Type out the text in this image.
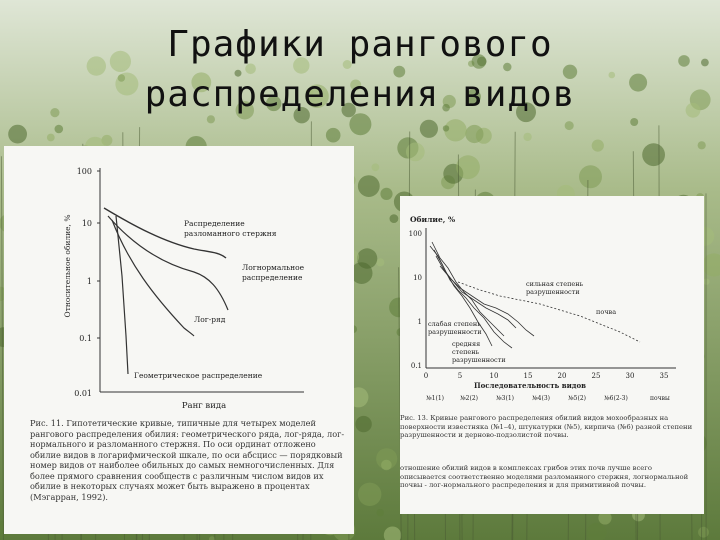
Графики рангового
распределения видов
100
10
1
0.1
0.01
Относительное обилие, %
Ранг вида
Распределение
разломанного стержня
Логнормальное
распределение
Лог-ряд
Геометрическое распределение
Рис. 11. Гипотетические кривые, типичные для четырех моделей рангового распределения обилия: геометрического ряда, лог-ряда, лог-нормального и разломанного стержня. По оси ординат отложено обилие видов в логарифмической шкале, по оси абсцисс — порядковый номер видов от наиболее обильных до самых немногочисленных. Для более прямого сравнения сообществ с различным числом видов их обилие в некоторых случаях может быть выражено в процентах (Мэгарран, 1992).
Обилие, %
100
10
1
0.1
0	5	10	15	20	25	30	35
Последовательность видов
№1(1)	№2(2)	№3(1)	№4(3)	№5(2)	№6(2-3)	почвы
сильная степень
разрушенности
почва
слабая степень
разрушенности
средняя
степень
разрушенности
Рис. 13. Кривые рангового распределения обилий видов мохообразных на поверхности известняка (№1–4), штукатурки (№5), кирпича (№6) разной степени разрушенности и дерново-подзолистой почвы.
отношение обилий видов в комплексах грибов этих почв лучше всего описывается соответственно моделями разломанного стержня, логнормальной почвы - лог-нормального распределения и для примитивной почвы.
